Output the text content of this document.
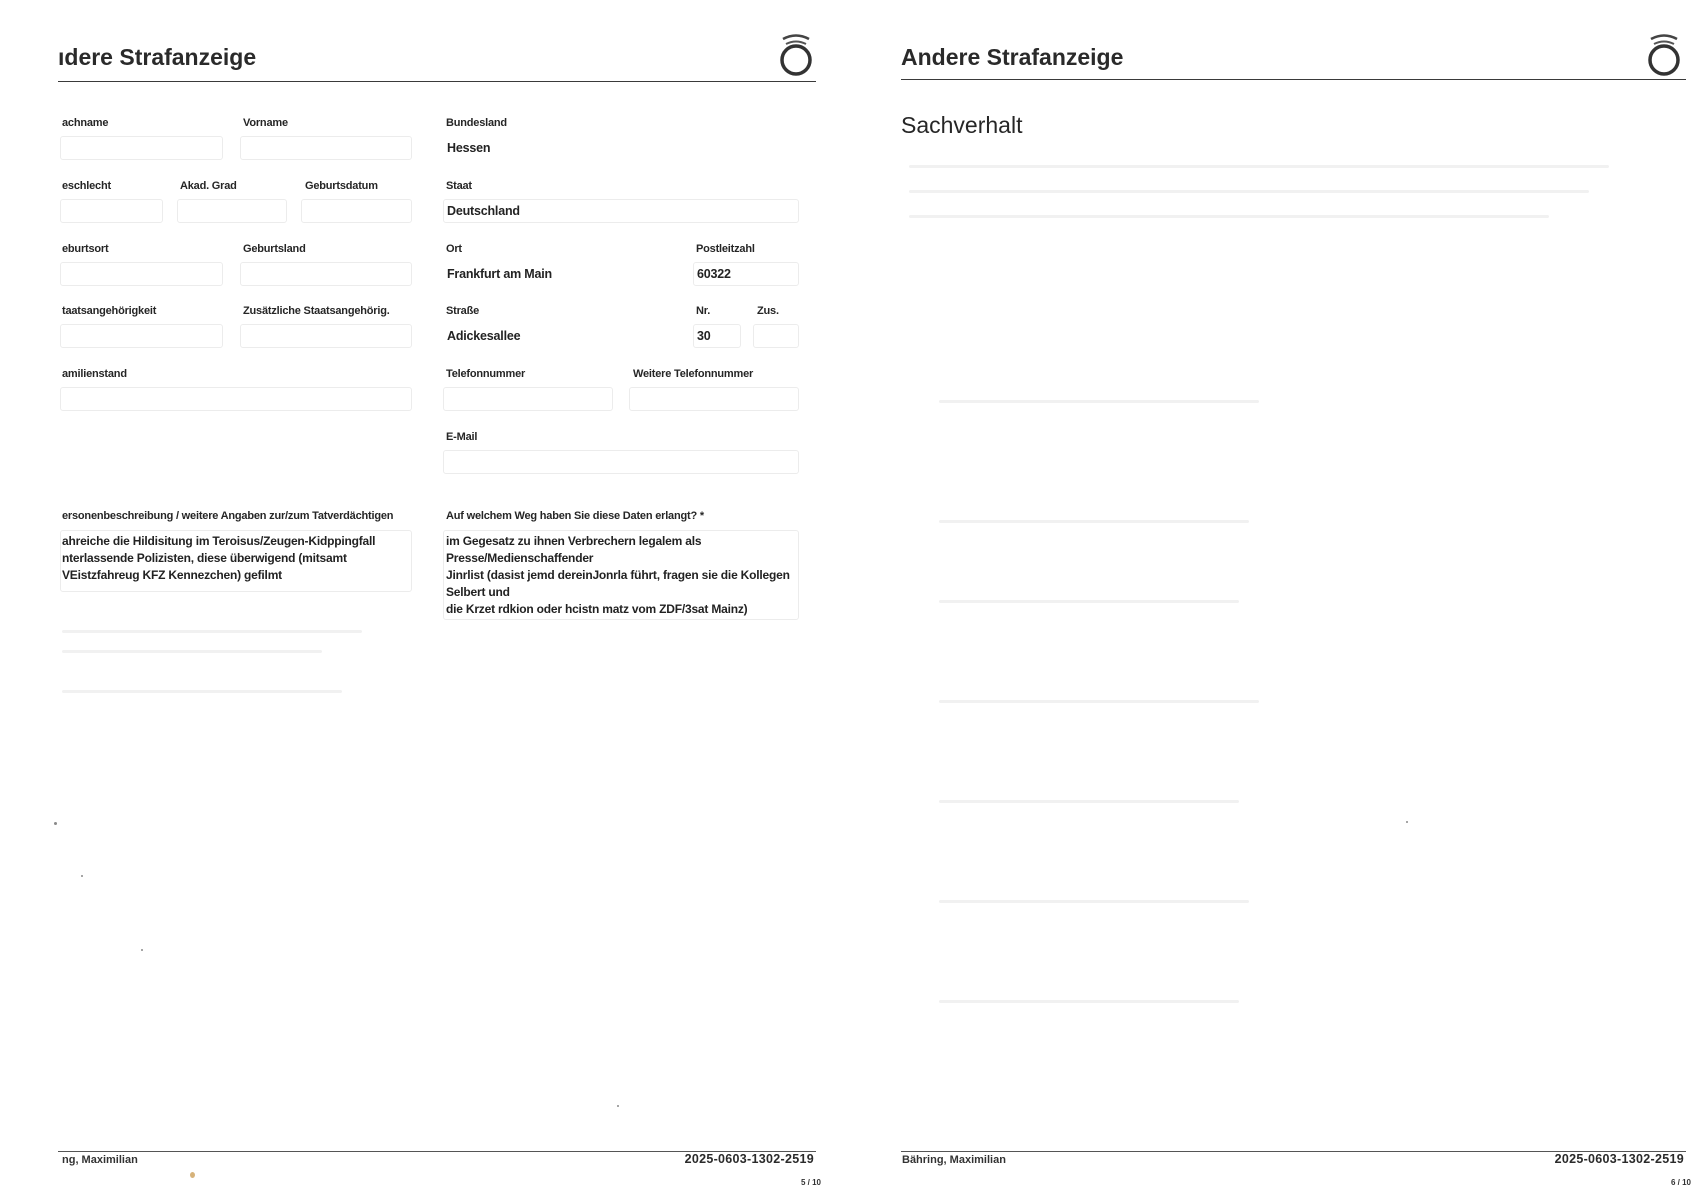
ıdere Strafanzeige
achname	Vorname
eschlecht	Akad. Grad	Geburtsdatum
eburtsort	Geburtsland
taatsangehörigkeit	Zusätzliche Staatsangehörig.
amilienstand
Bundesland
Hessen
Staat
Deutschland
Ort	Postleitzahl
Frankfurt am Main	60322
Straße	Nr.	Zus.
Adickesallee	30
Telefonnummer	Weitere Telefonnummer
E-Mail
ersonenbeschreibung / weitere Angaben zur/zum Tatverdächtigen
ahreiche die Hildisitung im Teroisus/Zeugen-Kidppingfall
nterlassende Polizisten, diese überwigend (mitsamt
VEistzfahreug KFZ Kennezchen) gefilmt
Auf welchem Weg haben Sie diese Daten erlangt? *
im Gegesatz zu ihnen Verbrechern legalem als
Presse/Medienschaffender
Jinrlist (dasist jemd dereinJonrla führt, fragen sie die Kollegen
Selbert und
die Krzet rdkion oder hcistn matz vom ZDF/3sat Mainz)
ng, Maximilian	2025-0603-1302-2519
5 / 10
Andere Strafanzeige
Sachverhalt
Bähring, Maximilian	2025-0603-1302-2519
6 / 10
